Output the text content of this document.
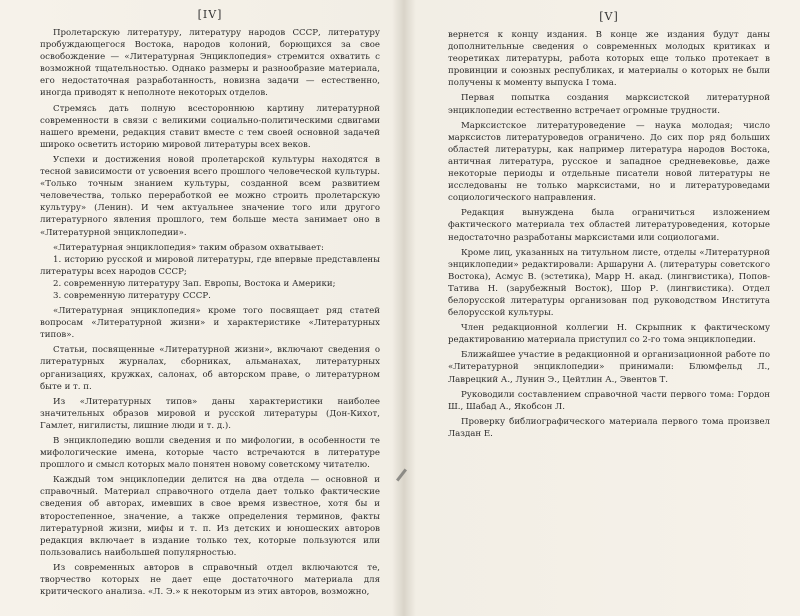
[IV]

Пролетарскую литературу, литературу народов СССР, литературу пробуждающегося Востока, народов колоний, борющихся за свое освобождение — «Литературная Энциклопедия» стремится охватить с возможной тщательностью. Однако размеры и разнообразие материала, его недостаточная разработанность, новизна задачи — естественно, иногда приводят к неполноте некоторых отделов.

Стремясь дать полную всестороннюю картину литературной современности в связи с великими социально-политическими сдвигами нашего времени, редакция ставит вместе с тем своей основной задачей широко осветить историю мировой литературы всех веков.

Успехи и достижения новой пролетарской культуры находятся в тесной зависимости от усвоения всего прошлого человеческой культуры. «Только точным знанием культуры, созданной всем развитием человечества, только переработкой ее можно строить пролетарскую культуру» (Ленин). И чем актуальнее значение того или другого литературного явления прошлого, тем больше места занимает оно в «Литературной энциклопедии».

«Литературная энциклопедия» таким образом охватывает:

1. историю русской и мировой литературы, где впервые представлены литературы всех народов СССР;

2. современную литературу Зап. Европы, Востока и Америки;

3. современную литературу СССР.

«Литературная энциклопедия» кроме того посвящает ряд статей вопросам «Литературной жизни» и характеристике «Литературных типов».

Статьи, посвященные «Литературной жизни», включают сведения о литературных журналах, сборниках, альманахах, литературных организациях, кружках, салонах, об авторском праве, о литературном быте и т. п.

Из «Литературных типов» даны характеристики наиболее значительных образов мировой и русской литературы (Дон-Кихот, Гамлет, нигилисты, лишние люди и т. д.).

В энциклопедию вошли сведения и по мифологии, в особенности те мифологические имена, которые часто встречаются в литературе прошлого и смысл которых мало понятен новому советскому читателю.

Каждый том энциклопедии делится на два отдела — основной и справочный. Материал справочного отдела дает только фактические сведения об авторах, имевших в свое время известное, хотя бы и второстепенное, значение, а также определения терминов, факты литературной жизни, мифы и т. п. Из детских и юношеских авторов редакция включает в издание только тех, которые пользуются или пользовались наибольшей популярностью.

Из современных авторов в справочный отдел включаются те, творчество которых не дает еще достаточного материала для критического анализа. «Л. Э.» к некоторым из этих авторов, возможно,

[V]

вернется к концу издания. В конце же издания будут даны дополнительные сведения о современных молодых критиках и теоретиках литературы, работа которых еще только протекает в провинции и союзных республиках, и материалы о которых не были получены к моменту выпуска I тома.

Первая попытка создания марксистской литературной энциклопедии естественно встречает огромные трудности.

Марксистское литературоведение — наука молодая; число марксистов литературоведов ограничено. До сих пор ряд больших областей литературы, как например литература народов Востока, античная литература, русское и западное средневековье, даже некоторые периоды и отдельные писатели новой литературы не исследованы не только марксистами, но и литературоведами социологического направления.

Редакция вынуждена была ограничиться изложением фактического материала тех областей литературоведения, которые недостаточно разработаны марксистами или социологами.

Кроме лиц, указанных на титульном листе, отделы «Литературной энциклопедии» редактировали: Аршаруни А. (литературы советского Востока), Асмус В. (эстетика), Марр Н. акад. (лингвистика), Попов-Татива Н. (зарубежный Восток), Шор Р. (лингвистика). Отдел белорусской литературы организован под руководством Института белорусской культуры.

Член редакционной коллегии Н. Скрыпник к фактическому редактированию материала приступил со 2-го тома энциклопедии.

Ближайшее участие в редакционной и организационной работе по «Литературной энциклопедии» принимали: Блюмфельд Л., Лаврецкий А., Лунин Э., Цейтлин А., Эвентов Т.

Руководили составлением справочной части первого тома: Гордон Ш., Шабад А., Якобсон Л.

Проверку библиографического материала первого тома произвел Лаздан Е.
